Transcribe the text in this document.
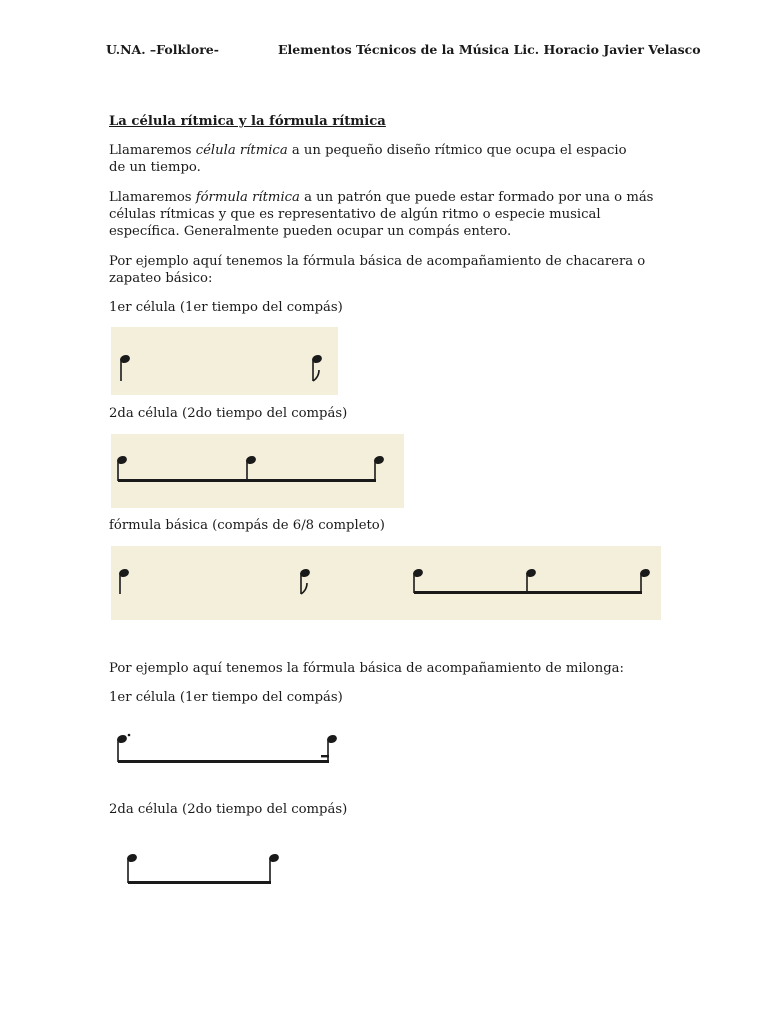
U.NA. –Folklore-	Elementos Técnicos de la Música Lic. Horacio Javier Velasco
La célula rítmica y la fórmula rítmica
Llamaremos célula rítmica a un pequeño diseño rítmico que ocupa el espacio
de un tiempo.
Llamaremos fórmula rítmica a un patrón que puede estar formado por una o más
células rítmicas y que es representativo de algún ritmo o especie musical
específica. Generalmente pueden ocupar un compás entero.
Por ejemplo aquí tenemos la fórmula básica de acompañamiento de chacarera o
zapateo básico:
1er célula (1er tiempo del compás)
2da célula (2do tiempo del compás)
fórmula básica (compás de 6/8 completo)
Por ejemplo aquí tenemos la fórmula básica de acompañamiento de milonga:
1er célula (1er tiempo del compás)
2da célula (2do tiempo del compás)
